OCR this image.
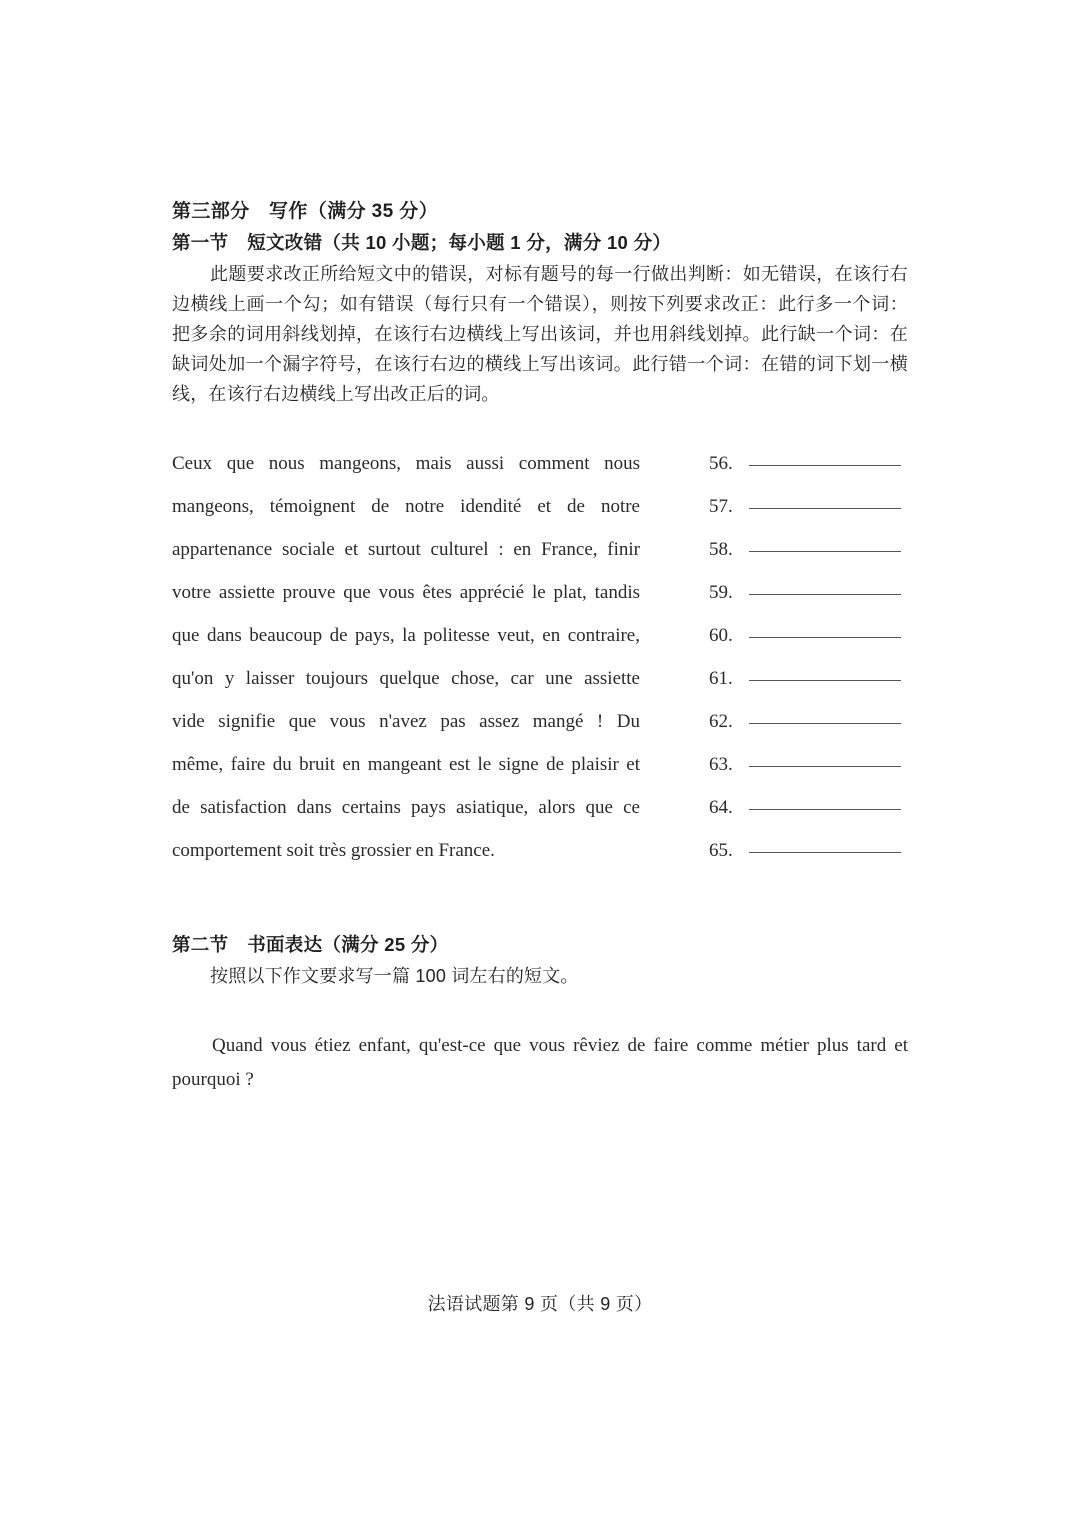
第三部分　写作（满分 35 分）
第一节　短文改错（共 10 小题；每小题 1 分，满分 10 分）

此题要求改正所给短文中的错误，对标有题号的每一行做出判断：如无错误，在该行右边横线上画一个勾；如有错误（每行只有一个错误），则按下列要求改正：此行多一个词：把多余的词用斜线划掉，在该行右边横线上写出该词，并也用斜线划掉。此行缺一个词：在缺词处加一个漏字符号，在该行右边的横线上写出该词。此行错一个词：在错的词下划一横线，在该行右边横线上写出改正后的词。

Ceux que nous mangeons, mais aussi comment nous	56.
mangeons, témoignent de notre idendité et de notre	57.
appartenance sociale et surtout culturel : en France, finir	58.
votre assiette prouve que vous êtes apprécié le plat, tandis	59.
que dans beaucoup de pays, la politesse veut, en contraire,	60.
qu'on y laisser toujours quelque chose, car une assiette	61.
vide signifie que vous n'avez pas assez mangé ! Du	62.
même, faire du bruit en mangeant est le signe de plaisir et	63.
de satisfaction dans certains pays asiatique, alors que ce	64.
comportement soit très grossier en France.	65.
第二节　书面表达（满分 25 分）

按照以下作文要求写一篇 100 词左右的短文。

Quand vous étiez enfant, qu'est-ce que vous rêviez de faire comme métier plus tard et pourquoi ?

法语试题第 9 页（共 9 页）
